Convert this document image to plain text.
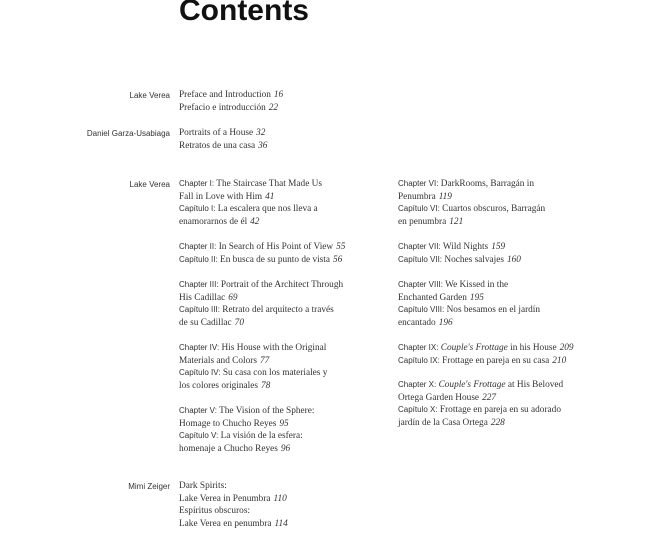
Contents
Lake Verea
Daniel Garza-Usabiaga
Lake Verea
Mimi Zeiger
Preface and Introduction 16
Prefacio e introducción 22
Portraits of a House 32
Retratos de una casa 36
Chapter I: The Staircase That Made Us
Fall in Love with Him 41
Capítulo I: La escalera que nos lleva a
enamorarnos de él 42
Chapter II: In Search of His Point of View 55
Capítulo II: En busca de su punto de vista 56
Chapter III: Portrait of the Architect Through
His Cadillac 69
Capítulo III: Retrato del arquitecto a través
de su Cadillac 70
Chapter IV: His House with the Original
Materials and Colors 77
Capítulo IV: Su casa con los materiales y
los colores originales 78
Chapter V: The Vision of the Sphere:
Homage to Chucho Reyes 95
Capítulo V: La visión de la esfera:
homenaje a Chucho Reyes 96
Chapter VI: DarkRooms, Barragán in
Penumbra 119
Capítulo VI: Cuartos obscuros, Barragán
en penumbra 121
Chapter VII: Wild Nights 159
Capítulo VII: Noches salvajes 160
Chapter VIII: We Kissed in the
Enchanted Garden 195
Capítulo VIII: Nos besamos en el jardín
encantado 196
Chapter IX: Couple's Frottage in his House 209
Capítulo IX: Frottage en pareja en su casa 210
Chapter X: Couple's Frottage at His Beloved
Ortega Garden House 227
Capítulo X: Frottage en pareja en su adorado
jardín de la Casa Ortega 228
Dark Spirits:
Lake Verea in Penumbra 110
Espíritus obscuros:
Lake Verea en penumbra 114
